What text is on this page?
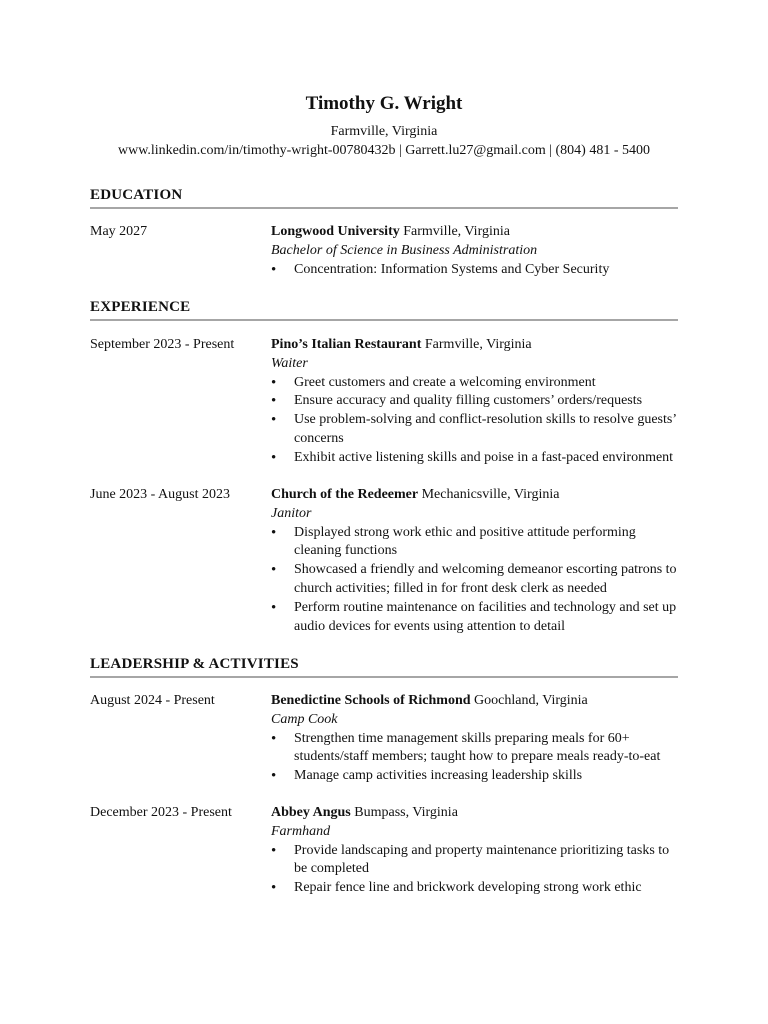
Timothy G. Wright
Farmville, Virginia
www.linkedin.com/in/timothy-wright-00780432b | Garrett.lu27@gmail.com | (804) 481 - 5400
EDUCATION
May 2027	Longwood University Farmville, Virginia
Bachelor of Science in Business Administration
• Concentration: Information Systems and Cyber Security
EXPERIENCE
September 2023 - Present	Pino’s Italian Restaurant Farmville, Virginia
Waiter
• Greet customers and create a welcoming environment
• Ensure accuracy and quality filling customers’ orders/requests
• Use problem-solving and conflict-resolution skills to resolve guests’ concerns
• Exhibit active listening skills and poise in a fast-paced environment
June 2023 - August 2023	Church of the Redeemer Mechanicsville, Virginia
Janitor
• Displayed strong work ethic and positive attitude performing cleaning functions
• Showcased a friendly and welcoming demeanor escorting patrons to church activities; filled in for front desk clerk as needed
• Perform routine maintenance on facilities and technology and set up audio devices for events using attention to detail
LEADERSHIP & ACTIVITIES
August 2024 - Present	Benedictine Schools of Richmond Goochland, Virginia
Camp Cook
• Strengthen time management skills preparing meals for 60+ students/staff members; taught how to prepare meals ready-to-eat
• Manage camp activities increasing leadership skills
December 2023 - Present	Abbey Angus Bumpass, Virginia
Farmhand
• Provide landscaping and property maintenance prioritizing tasks to be completed
• Repair fence line and brickwork developing strong work ethic
